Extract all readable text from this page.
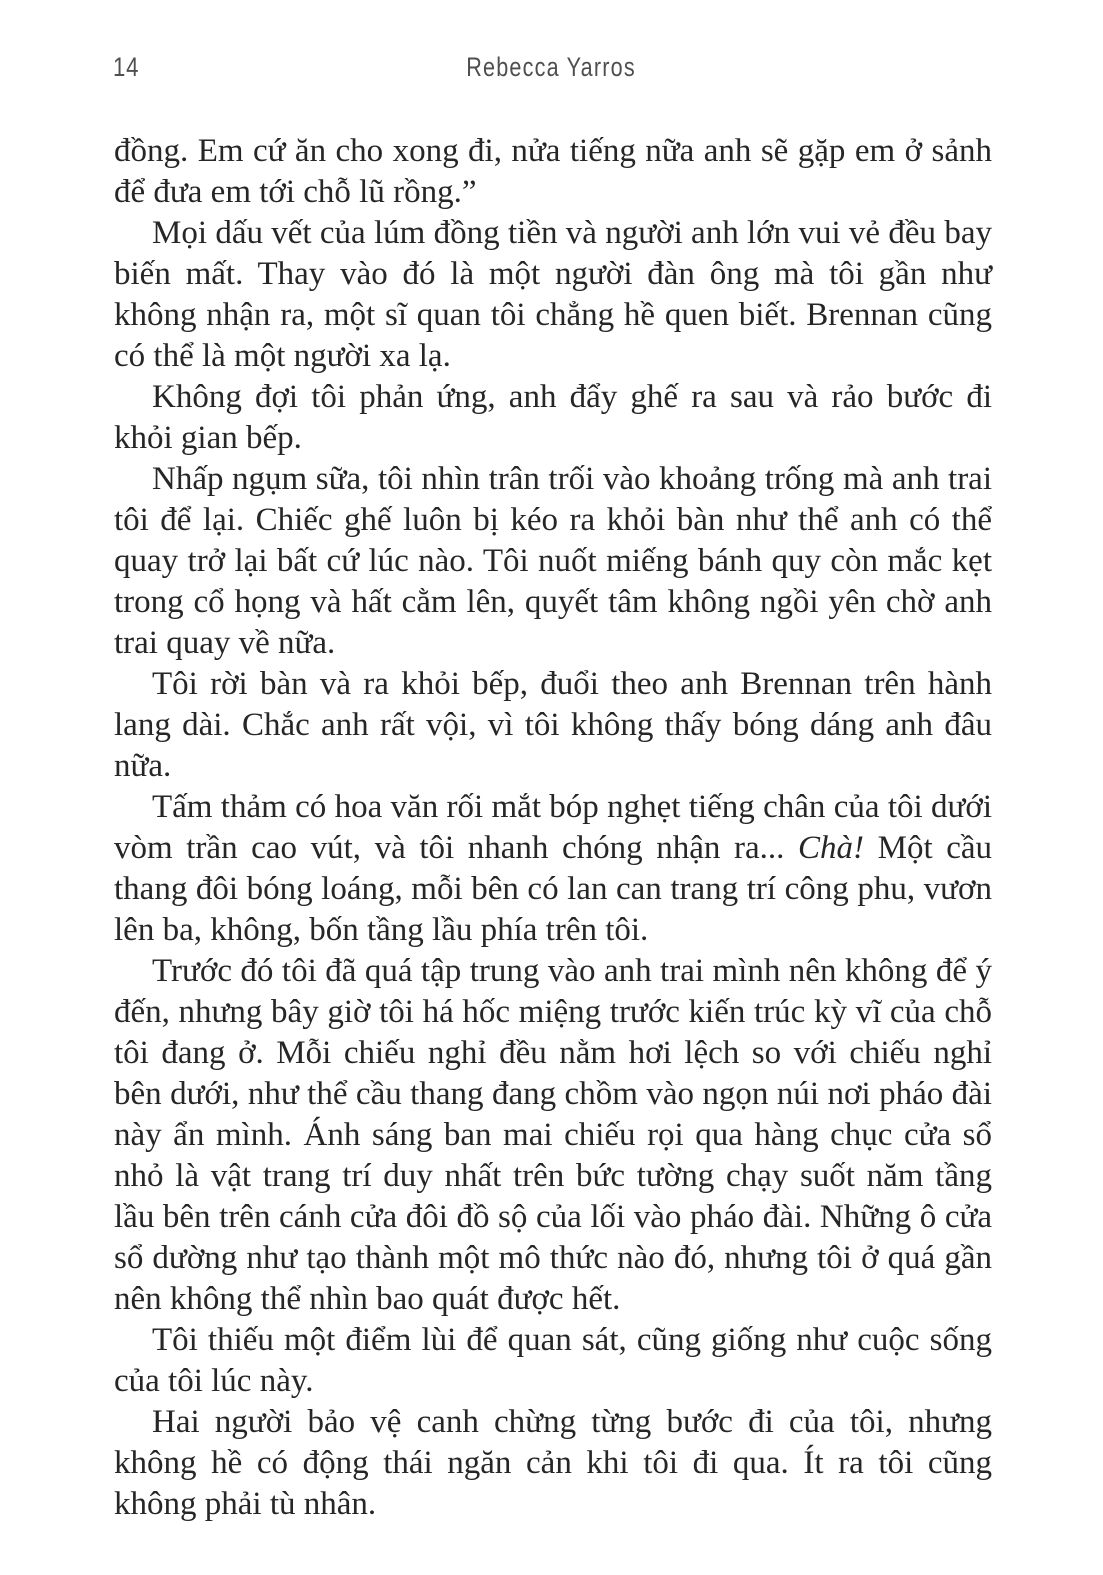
14	Rebecca Yarros

đồng. Em cứ ăn cho xong đi, nửa tiếng nữa anh sẽ gặp em ở sảnh để đưa em tới chỗ lũ rồng.”

Mọi dấu vết của lúm đồng tiền và người anh lớn vui vẻ đều bay biến mất. Thay vào đó là một người đàn ông mà tôi gần như không nhận ra, một sĩ quan tôi chẳng hề quen biết. Brennan cũng có thể là một người xa lạ.

Không đợi tôi phản ứng, anh đẩy ghế ra sau và rảo bước đi khỏi gian bếp.

Nhấp ngụm sữa, tôi nhìn trân trối vào khoảng trống mà anh trai tôi để lại. Chiếc ghế luôn bị kéo ra khỏi bàn như thể anh có thể quay trở lại bất cứ lúc nào. Tôi nuốt miếng bánh quy còn mắc kẹt trong cổ họng và hất cằm lên, quyết tâm không ngồi yên chờ anh trai quay về nữa.

Tôi rời bàn và ra khỏi bếp, đuổi theo anh Brennan trên hành lang dài. Chắc anh rất vội, vì tôi không thấy bóng dáng anh đâu nữa.

Tấm thảm có hoa văn rối mắt bóp nghẹt tiếng chân của tôi dưới vòm trần cao vút, và tôi nhanh chóng nhận ra... Chà! Một cầu thang đôi bóng loáng, mỗi bên có lan can trang trí công phu, vươn lên ba, không, bốn tầng lầu phía trên tôi.

Trước đó tôi đã quá tập trung vào anh trai mình nên không để ý đến, nhưng bây giờ tôi há hốc miệng trước kiến trúc kỳ vĩ của chỗ tôi đang ở. Mỗi chiếu nghỉ đều nằm hơi lệch so với chiếu nghỉ bên dưới, như thể cầu thang đang chồm vào ngọn núi nơi pháo đài này ẩn mình. Ánh sáng ban mai chiếu rọi qua hàng chục cửa sổ nhỏ là vật trang trí duy nhất trên bức tường chạy suốt năm tầng lầu bên trên cánh cửa đôi đồ sộ của lối vào pháo đài. Những ô cửa sổ dường như tạo thành một mô thức nào đó, nhưng tôi ở quá gần nên không thể nhìn bao quát được hết.

Tôi thiếu một điểm lùi để quan sát, cũng giống như cuộc sống của tôi lúc này.

Hai người bảo vệ canh chừng từng bước đi của tôi, nhưng không hề có động thái ngăn cản khi tôi đi qua. Ít ra tôi cũng không phải tù nhân.
